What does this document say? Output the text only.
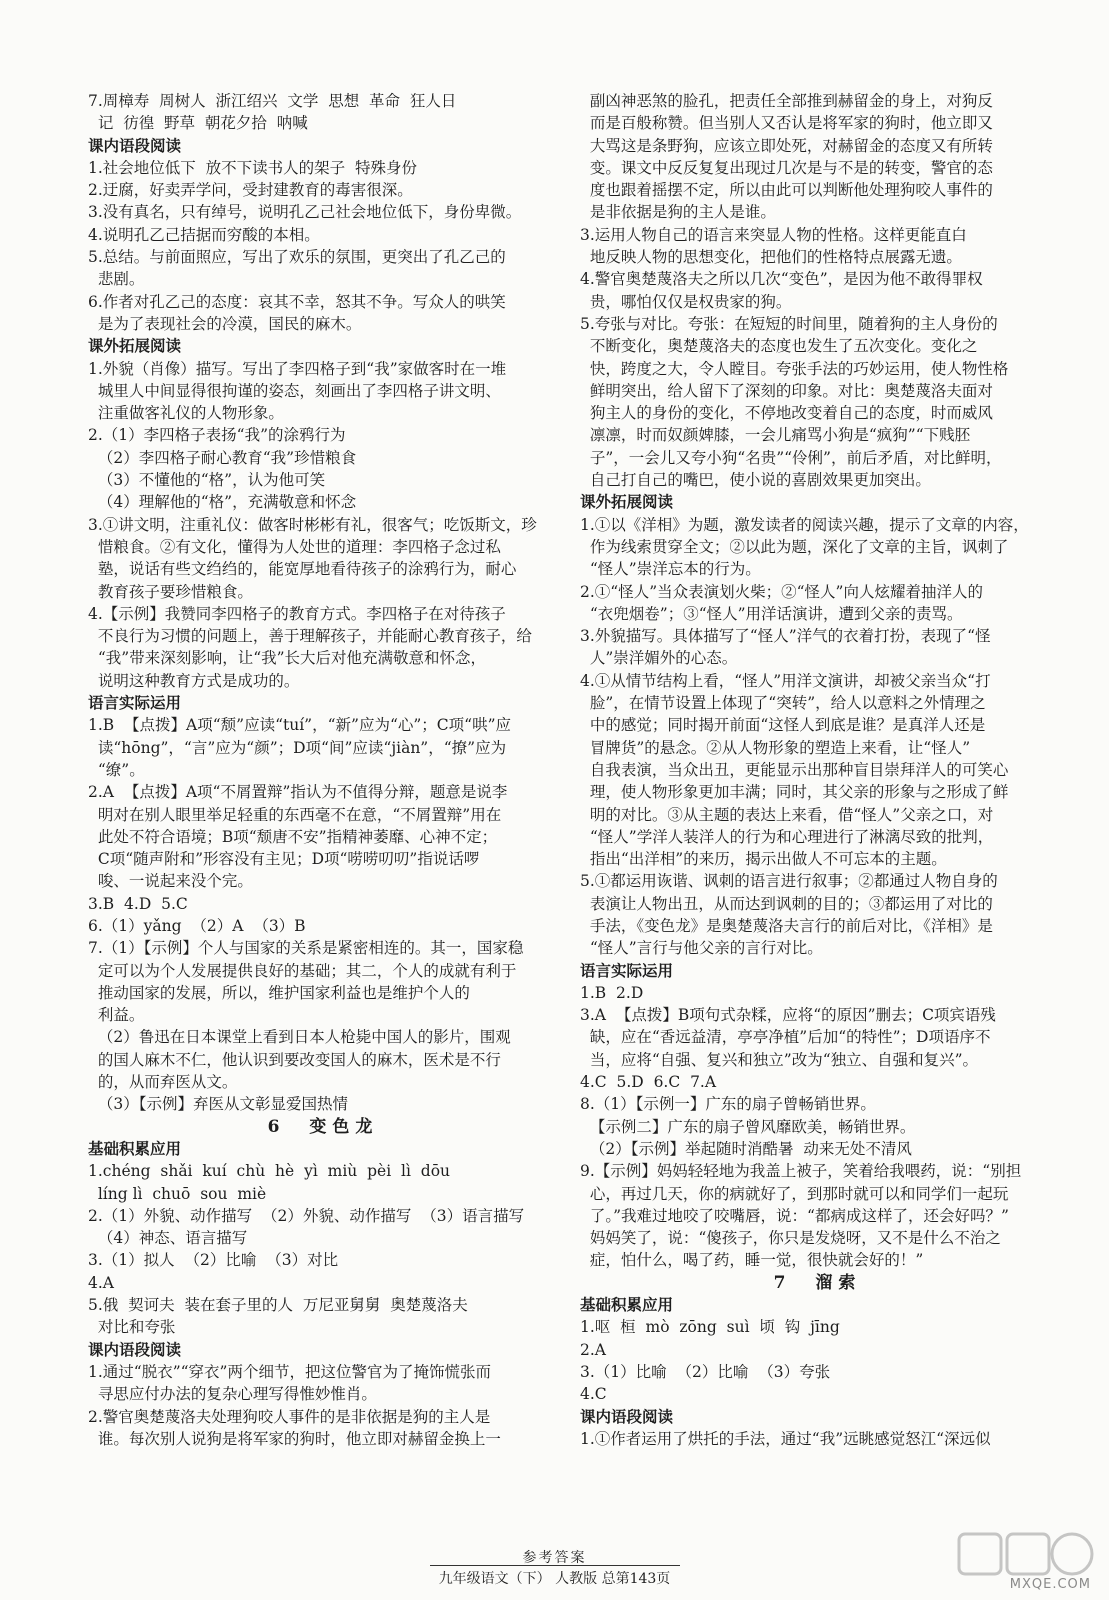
7.周樟寿  周树人  浙江绍兴  文学  思想  革命  狂人日
记  彷徨  野草  朝花夕拾  呐喊
课内语段阅读
1.社会地位低下  放不下读书人的架子  特殊身份
2.迂腐，好卖弄学问，受封建教育的毒害很深。
3.没有真名，只有绰号，说明孔乙己社会地位低下，身份卑微。
4.说明孔乙己拮据而穷酸的本相。
5.总结。与前面照应，写出了欢乐的氛围，更突出了孔乙己的
悲剧。
6.作者对孔乙己的态度：哀其不幸，怒其不争。写众人的哄笑
是为了表现社会的冷漠，国民的麻木。
课外拓展阅读
1.外貌（肖像）描写。写出了李四格子到“我”家做客时在一堆
城里人中间显得很拘谨的姿态，刻画出了李四格子讲文明、
注重做客礼仪的人物形象。
2.（1）李四格子表扬“我”的涂鸦行为
（2）李四格子耐心教育“我”珍惜粮食
（3）不懂他的“格”，认为他可笑
（4）理解他的“格”，充满敬意和怀念
3.①讲文明，注重礼仪：做客时彬彬有礼，很客气；吃饭斯文，珍
惜粮食。②有文化，懂得为人处世的道理：李四格子念过私
塾，说话有些文绉绉的，能宽厚地看待孩子的涂鸦行为，耐心
教育孩子要珍惜粮食。
4.【示例】我赞同李四格子的教育方式。李四格子在对待孩子
不良行为习惯的问题上，善于理解孩子，并能耐心教育孩子，给
“我”带来深刻影响，让“我”长大后对他充满敬意和怀念，
说明这种教育方式是成功的。
语言实际运用
1.B  【点拨】A项“颓”应读“tuí”，“新”应为“心”；C项“哄”应
读“hōng”，“言”应为“颜”；D项“间”应读“jiàn”，“撩”应为
“缭”。
2.A  【点拨】A项“不屑置辩”指认为不值得分辩，题意是说李
明对在别人眼里举足轻重的东西毫不在意，“不屑置辩”用在
此处不符合语境；B项“颓唐不安”指精神萎靡、心神不定；
C项“随声附和”形容没有主见；D项“唠唠叨叨”指说话啰
唆、一说起来没个完。
3.B  4.D  5.C
6.（1）yǎng  （2）A  （3）B
7.（1）【示例】个人与国家的关系是紧密相连的。其一，国家稳
定可以为个人发展提供良好的基础；其二，个人的成就有利于
推动国家的发展，所以，维护国家利益也是维护个人的
利益。
（2）鲁迅在日本课堂上看到日本人枪毙中国人的影片，围观
的国人麻木不仁，他认识到要改变国人的麻木，医术是不行
的，从而弃医从文。
（3）【示例】弃医从文彰显爱国热情
6  变色龙
基础积累应用
1.chéng  shǎi  kuí  chù  hè  yì  miù  pèi  lì  dōu
líng lì  chuō  sou  miè
2.（1）外貌、动作描写  （2）外貌、动作描写  （3）语言描写
（4）神态、语言描写
3.（1）拟人  （2）比喻  （3）对比
4.A
5.俄  契诃夫  装在套子里的人  万尼亚舅舅  奥楚蔑洛夫
对比和夸张
课内语段阅读
1.通过“脱衣”“穿衣”两个细节，把这位警官为了掩饰慌张而
寻思应付办法的复杂心理写得惟妙惟肖。
2.警官奥楚蔑洛夫处理狗咬人事件的是非依据是狗的主人是
谁。每次别人说狗是将军家的狗时，他立即对赫留金换上一
副凶神恶煞的脸孔，把责任全部推到赫留金的身上，对狗反
而是百般称赞。但当别人又否认是将军家的狗时，他立即又
大骂这是条野狗，应该立即处死，对赫留金的态度又有所转
变。课文中反反复复出现过几次是与不是的转变，警官的态
度也跟着摇摆不定，所以由此可以判断他处理狗咬人事件的
是非依据是狗的主人是谁。
3.运用人物自己的语言来突显人物的性格。这样更能直白
地反映人物的思想变化，把他们的性格特点展露无遗。
4.警官奥楚蔑洛夫之所以几次“变色”，是因为他不敢得罪权
贵，哪怕仅仅是权贵家的狗。
5.夸张与对比。夸张：在短短的时间里，随着狗的主人身份的
不断变化，奥楚蔑洛夫的态度也发生了五次变化。变化之
快，跨度之大，令人瞠目。夸张手法的巧妙运用，使人物性格
鲜明突出，给人留下了深刻的印象。对比：奥楚蔑洛夫面对
狗主人的身份的变化，不停地改变着自己的态度，时而威风
凛凛，时而奴颜婢膝，一会儿痛骂小狗是“疯狗”“下贱胚
子”，一会儿又夸小狗“名贵”“伶俐”，前后矛盾，对比鲜明，
自己打自己的嘴巴，使小说的喜剧效果更加突出。
课外拓展阅读
1.①以《洋相》为题，激发读者的阅读兴趣，提示了文章的内容，
作为线索贯穿全文；②以此为题，深化了文章的主旨，讽刺了
“怪人”崇洋忘本的行为。
2.①“怪人”当众表演划火柴；②“怪人”向人炫耀着抽洋人的
“衣兜烟卷”；③“怪人”用洋话演讲，遭到父亲的责骂。
3.外貌描写。具体描写了“怪人”洋气的衣着打扮，表现了“怪
人”崇洋媚外的心态。
4.①从情节结构上看，“怪人”用洋文演讲，却被父亲当众“打
脸”，在情节设置上体现了“突转”，给人以意料之外情理之
中的感觉；同时揭开前面“这怪人到底是谁？是真洋人还是
冒牌货”的悬念。②从人物形象的塑造上来看，让“怪人”
自我表演，当众出丑，更能显示出那种盲目崇拜洋人的可笑心
理，使人物形象更加丰满；同时，其父亲的形象与之形成了鲜
明的对比。③从主题的表达上来看，借“怪人”父亲之口，对
“怪人”学洋人装洋人的行为和心理进行了淋漓尽致的批判，
指出“出洋相”的来历，揭示出做人不可忘本的主题。
5.①都运用诙谐、讽刺的语言进行叙事；②都通过人物自身的
表演让人物出丑，从而达到讽刺的目的；③都运用了对比的
手法，《变色龙》是奥楚蔑洛夫言行的前后对比，《洋相》是
“怪人”言行与他父亲的言行对比。
语言实际运用
1.B  2.D
3.A  【点拨】B项句式杂糅，应将“的原因”删去；C项宾语残
缺，应在“香远益清，亭亭净植”后加“的特性”；D项语序不
当，应将“自强、复兴和独立”改为“独立、自强和复兴”。
4.C  5.D  6.C  7.A
8.（1）【示例一】广东的扇子曾畅销世界。
【示例二】广东的扇子曾风靡欧美，畅销世界。
（2）【示例】举起随时消酷暑  动来无处不清风
9.【示例】妈妈轻轻地为我盖上被子，笑着给我喂药，说：“别担
心，再过几天，你的病就好了，到那时就可以和同学们一起玩
了。”我难过地咬了咬嘴唇，说：“都病成这样了，还会好吗？”
妈妈笑了，说：“傻孩子，你只是发烧呀，又不是什么不治之
症，怕什么，喝了药，睡一觉，很快就会好的！”
7  溜索
基础积累应用
1.呕  桓  mò  zōng  suì  顷  钩  jīng
2.A
3.（1）比喻  （2）比喻  （3）夸张
4.C
课内语段阅读
1.①作者运用了烘托的手法，通过“我”远眺感觉怒江“深远似
参考答案
九年级语文（下） 人教版 总第143页	MXQE.COM
